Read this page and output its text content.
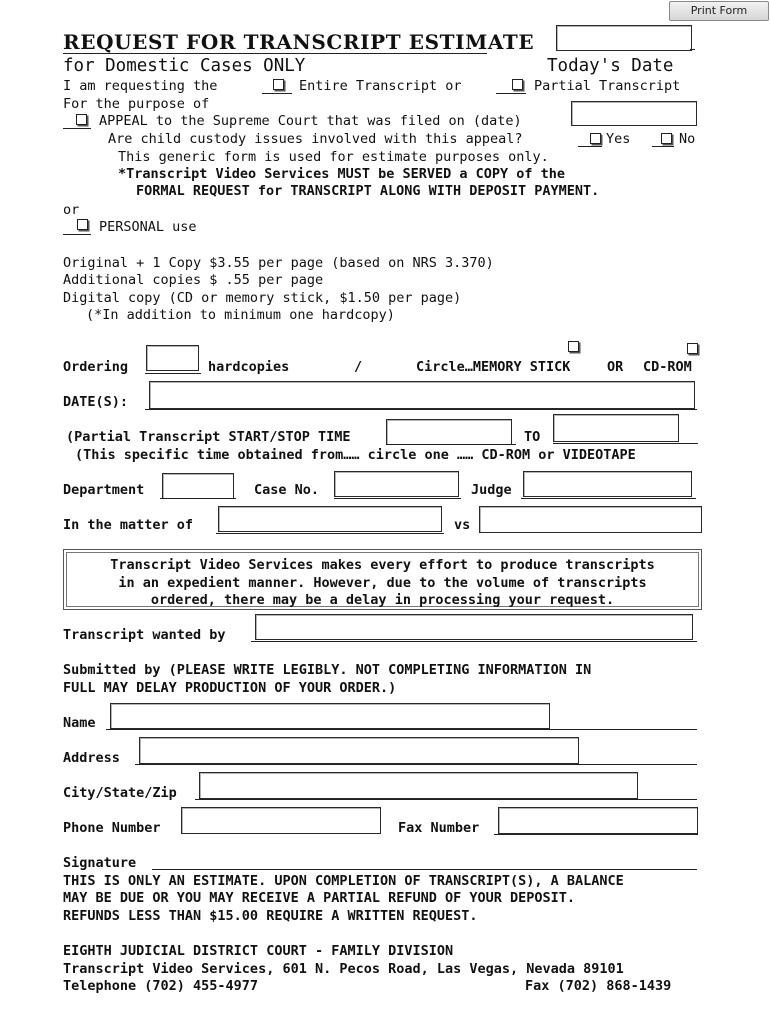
Print Form
REQUEST FOR TRANSCRIPT ESTIMATE
for Domestic Cases ONLY	Today's Date
I am requesting the	Entire Transcript or	Partial Transcript
For the purpose of
APPEAL to the Supreme Court that was filed on (date)
Are child custody issues involved with this appeal?	Yes	No
This generic form is used for estimate purposes only.
*Transcript Video Services MUST be SERVED a COPY of the
FORMAL REQUEST for TRANSCRIPT ALONG WITH DEPOSIT PAYMENT.
or
PERSONAL use
Original + 1 Copy $3.55 per page (based on NRS 3.370)
Additional copies $ .55 per page
Digital copy (CD or memory stick, $1.50 per page)
(*In addition to minimum one hardcopy)
Ordering	hardcopies	/	Circle…MEMORY STICK	OR CD-ROM
DATE(S):
(Partial Transcript START/STOP TIME	TO
(This specific time obtained from…… circle one …… CD-ROM or VIDEOTAPE
Department	Case No.	Judge
In the matter of	vs
Transcript Video Services makes every effort to produce transcripts
in an expedient manner. However, due to the volume of transcripts
ordered, there may be a delay in processing your request.
Transcript wanted by
Submitted by (PLEASE WRITE LEGIBLY. NOT COMPLETING INFORMATION IN
FULL MAY DELAY PRODUCTION OF YOUR ORDER.)
Name
Address
City/State/Zip
Phone Number	Fax Number
Signature
THIS IS ONLY AN ESTIMATE. UPON COMPLETION OF TRANSCRIPT(S), A BALANCE
MAY BE DUE OR YOU MAY RECEIVE A PARTIAL REFUND OF YOUR DEPOSIT.
REFUNDS LESS THAN $15.00 REQUIRE A WRITTEN REQUEST.
EIGHTH JUDICIAL DISTRICT COURT - FAMILY DIVISION
Transcript Video Services, 601 N. Pecos Road, Las Vegas, Nevada 89101
Telephone (702) 455-4977	Fax (702) 868-1439
